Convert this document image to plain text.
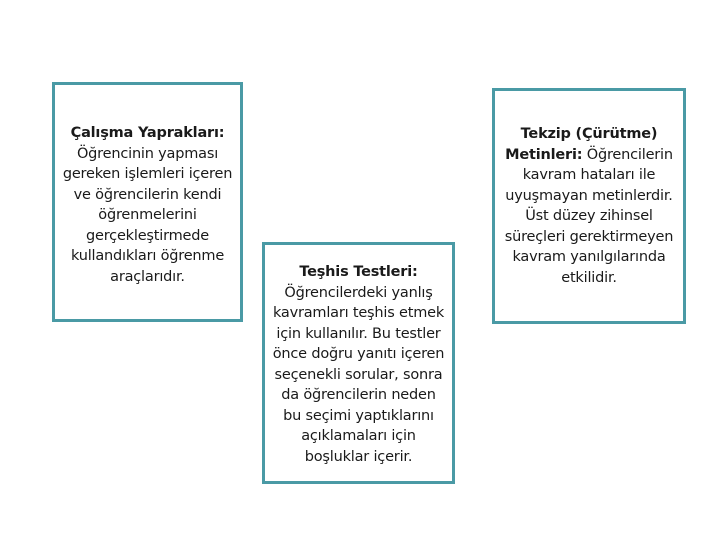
Çalışma Yaprakları: Öğrencinin yapması gereken işlemleri içeren ve öğrencilerin kendi öğrenmelerini gerçekleştirmede kullandıkları öğrenme araçlarıdır.	Teşhis Testleri: Öğrencilerdeki yanlış kavramları teşhis etmek için kullanılır. Bu testler önce doğru yanıtı içeren seçenekli sorular, sonra da öğrencilerin neden bu seçimi yaptıklarını açıklamaları için boşluklar içerir.
Tekzip (Çürütme) Metinleri: Öğrencilerin kavram hataları ile uyuşmayan metinlerdir. Üst düzey zihinsel süreçleri gerektirmeyen kavram yanılgılarında etkilidir.
